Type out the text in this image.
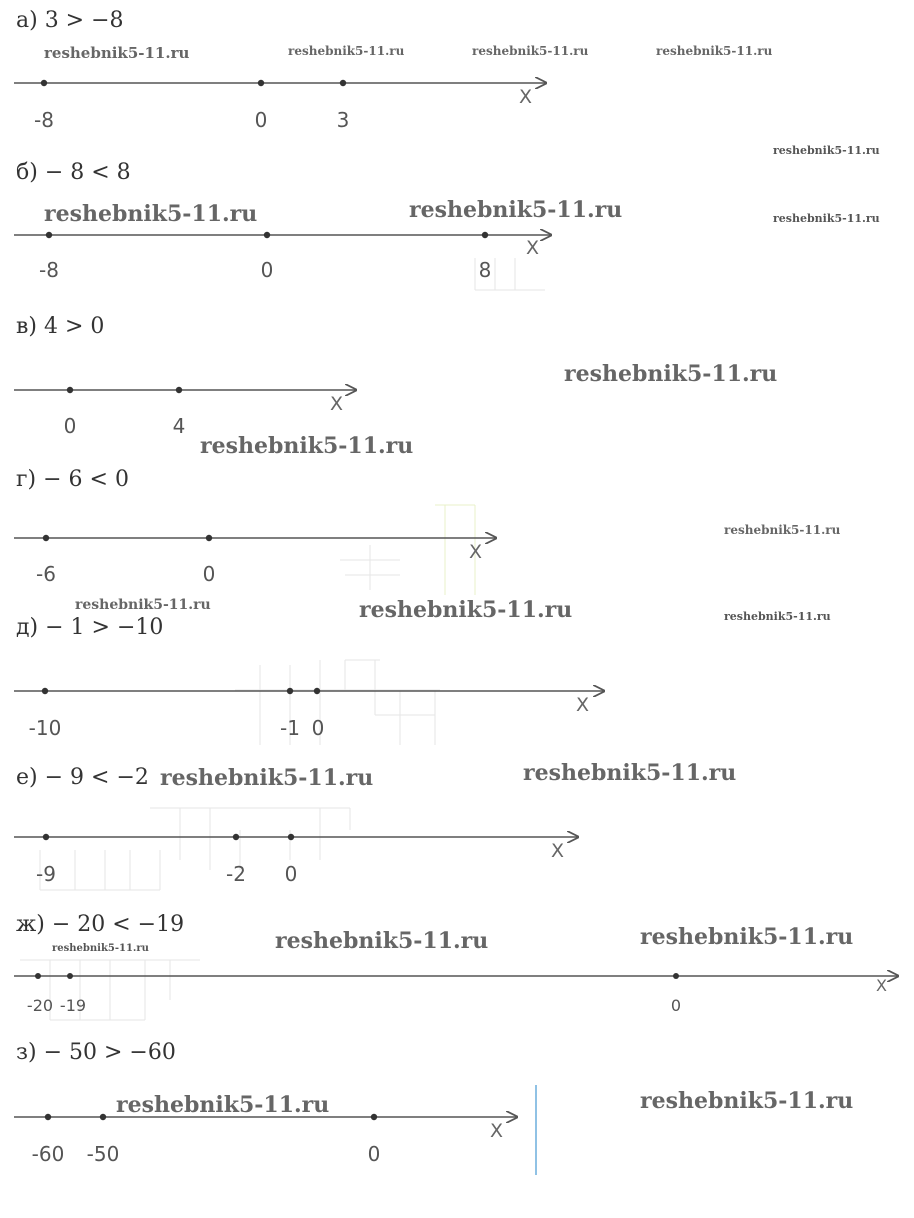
а) 3 > −8
б) − 8 < 8
в) 4 > 0
г) − 6 < 0
д) − 1 > −10
е) − 9 < −2
ж) − 20 < −19
з) − 50 > −60
-8	0	3
X
-8	0	8
X
0	4
X
-6	0
X
-10	-1 0
X
-9	-2 0
X
-20 -19	0
X
-60 -50	0
X
reshebnik5-11.ru	reshebnik5-11.ru	reshebnik5-11.ru	reshebnik5-11.ru
reshebnik5-11.ru
reshebnik5-11.ru	reshebnik5-11.ru	reshebnik5-11.ru
reshebnik5-11.ru
reshebnik5-11.ru
reshebnik5-11.ru
reshebnik5-11.ru	reshebnik5-11.ru	reshebnik5-11.ru
reshebnik5-11.ru	reshebnik5-11.ru
reshebnik5-11.ru	reshebnik5-11.ru	reshebnik5-11.ru
reshebnik5-11.ru	reshebnik5-11.ru
